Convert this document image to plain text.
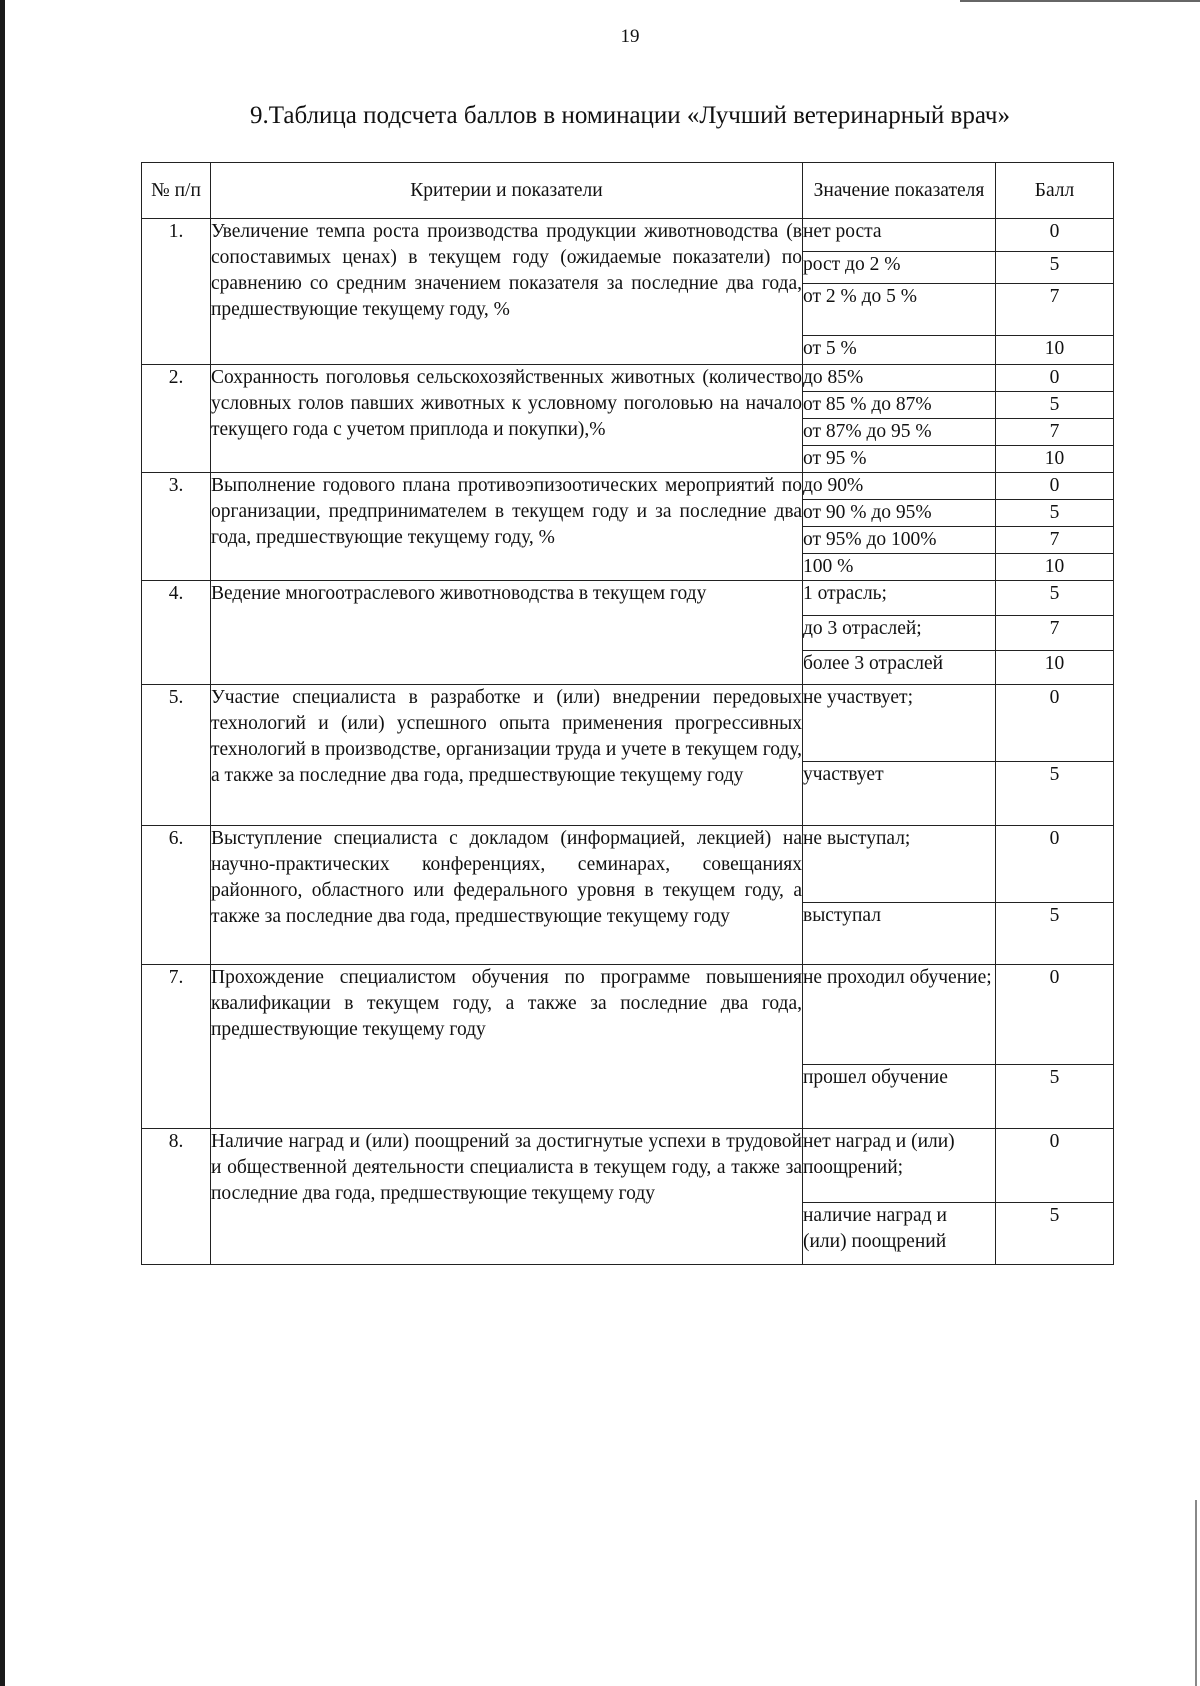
19
9.Таблица подсчета баллов в номинации «Лучший ветеринарный врач»
№ п/п	Критерии и показатели	Значение показателя	Балл
1.	Увеличение темпа роста производства продукции животноводства (в сопоставимых ценах) в текущем году (ожидаемые показатели) по сравнению со средним значением показателя за последние два года, предшествующие текущему году, %	нет роста	0
		рост до 2 %	5
		от 2 % до 5 %	7
		от 5 %	10
2.	Сохранность поголовья сельскохозяйственных животных (количество условных голов павших животных к условному поголовью на начало текущего года с учетом приплода и покупки),%	до 85%	0
		от 85 % до 87%	5
		от 87% до 95 %	7
		от 95 %	10
3.	Выполнение годового плана противоэпизоотических мероприятий по организации, предпринимателем в текущем году и за последние два года, предшествующие текущему году, %	до 90%	0
		от 90 % до 95%	5
		от 95% до 100%	7
		100 %	10
4.	Ведение многоотраслевого животноводства в текущем году	1 отрасль;	5
		до 3 отраслей;	7
		более 3 отраслей	10
5.	Участие специалиста в разработке и (или) внедрении передовых технологий и (или) успешного опыта применения прогрессивных технологий в производстве, организации труда и учете в текущем году, а также за последние два года, предшествующие текущему году	не участвует;	0
		участвует	5
6.	Выступление специалиста с докладом (информацией, лекцией) на научно-практических конференциях, семинарах, совещаниях районного, областного или федерального уровня в текущем году, а также за последние два года, предшествующие текущему году	не выступал;	0
		выступал	5
7.	Прохождение специалистом обучения по программе повышения квалификации в текущем году, а также за последние два года, предшествующие текущему году	не проходил обучение;	0
		прошел обучение	5
8.	Наличие наград и (или) поощрений за достигнутые успехи в трудовой и общественной деятельности специалиста в текущем году, а также за последние два года, предшествующие текущему году	нет наград и (или) поощрений;	0
		наличие наград и (или) поощрений	5
